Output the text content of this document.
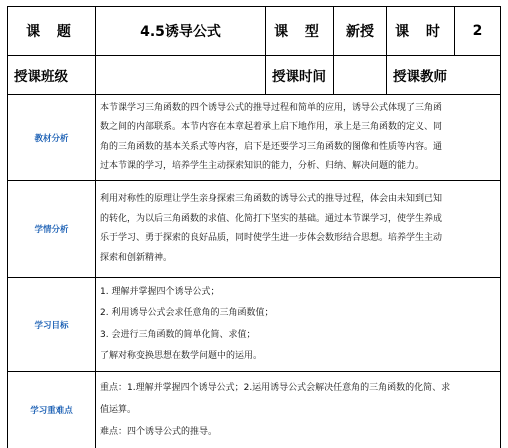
课 题	4.5诱导公式	课 型	新授	课 时	2
授课班级		授课时间		授课教师	
教材分析	本节课学习三角函数的四个诱导公式的推导过程和简单的应用，诱导公式体现了三角函

数之间的内部联系。本节内容在本章起着承上启下地作用，承上是三角函数的定义、同

角的三角函数的基本关系式等内容，启下是还要学习三角函数的图像和性质等内容。通

过本节课的学习，培养学生主动探索知识的能力，分析、归纳、解决问题的能力。				

学情分析	利用对称性的原理让学生亲身探索三角函数的诱导公式的推导过程，体会由未知到已知

的转化，为以后三角函数的求值、化简打下坚实的基础。通过本节课学习，使学生养成

乐于学习、勇于探索的良好品质，同时使学生进一步体会数形结合思想。培养学生主动

探索和创新精神。				

学习目标	1. 理解并掌握四个诱导公式；

2. 利用诱导公式会求任意角的三角函数值；

3. 会进行三角函数的简单化简、求值；

了解对称变换思想在数学问题中的运用。				

学习重难点	重点：1.理解并掌握四个诱导公式；2.运用诱导公式会解决任意角的三角函数的化简、求

值运算。

难点：四个诱导公式的推导。				
